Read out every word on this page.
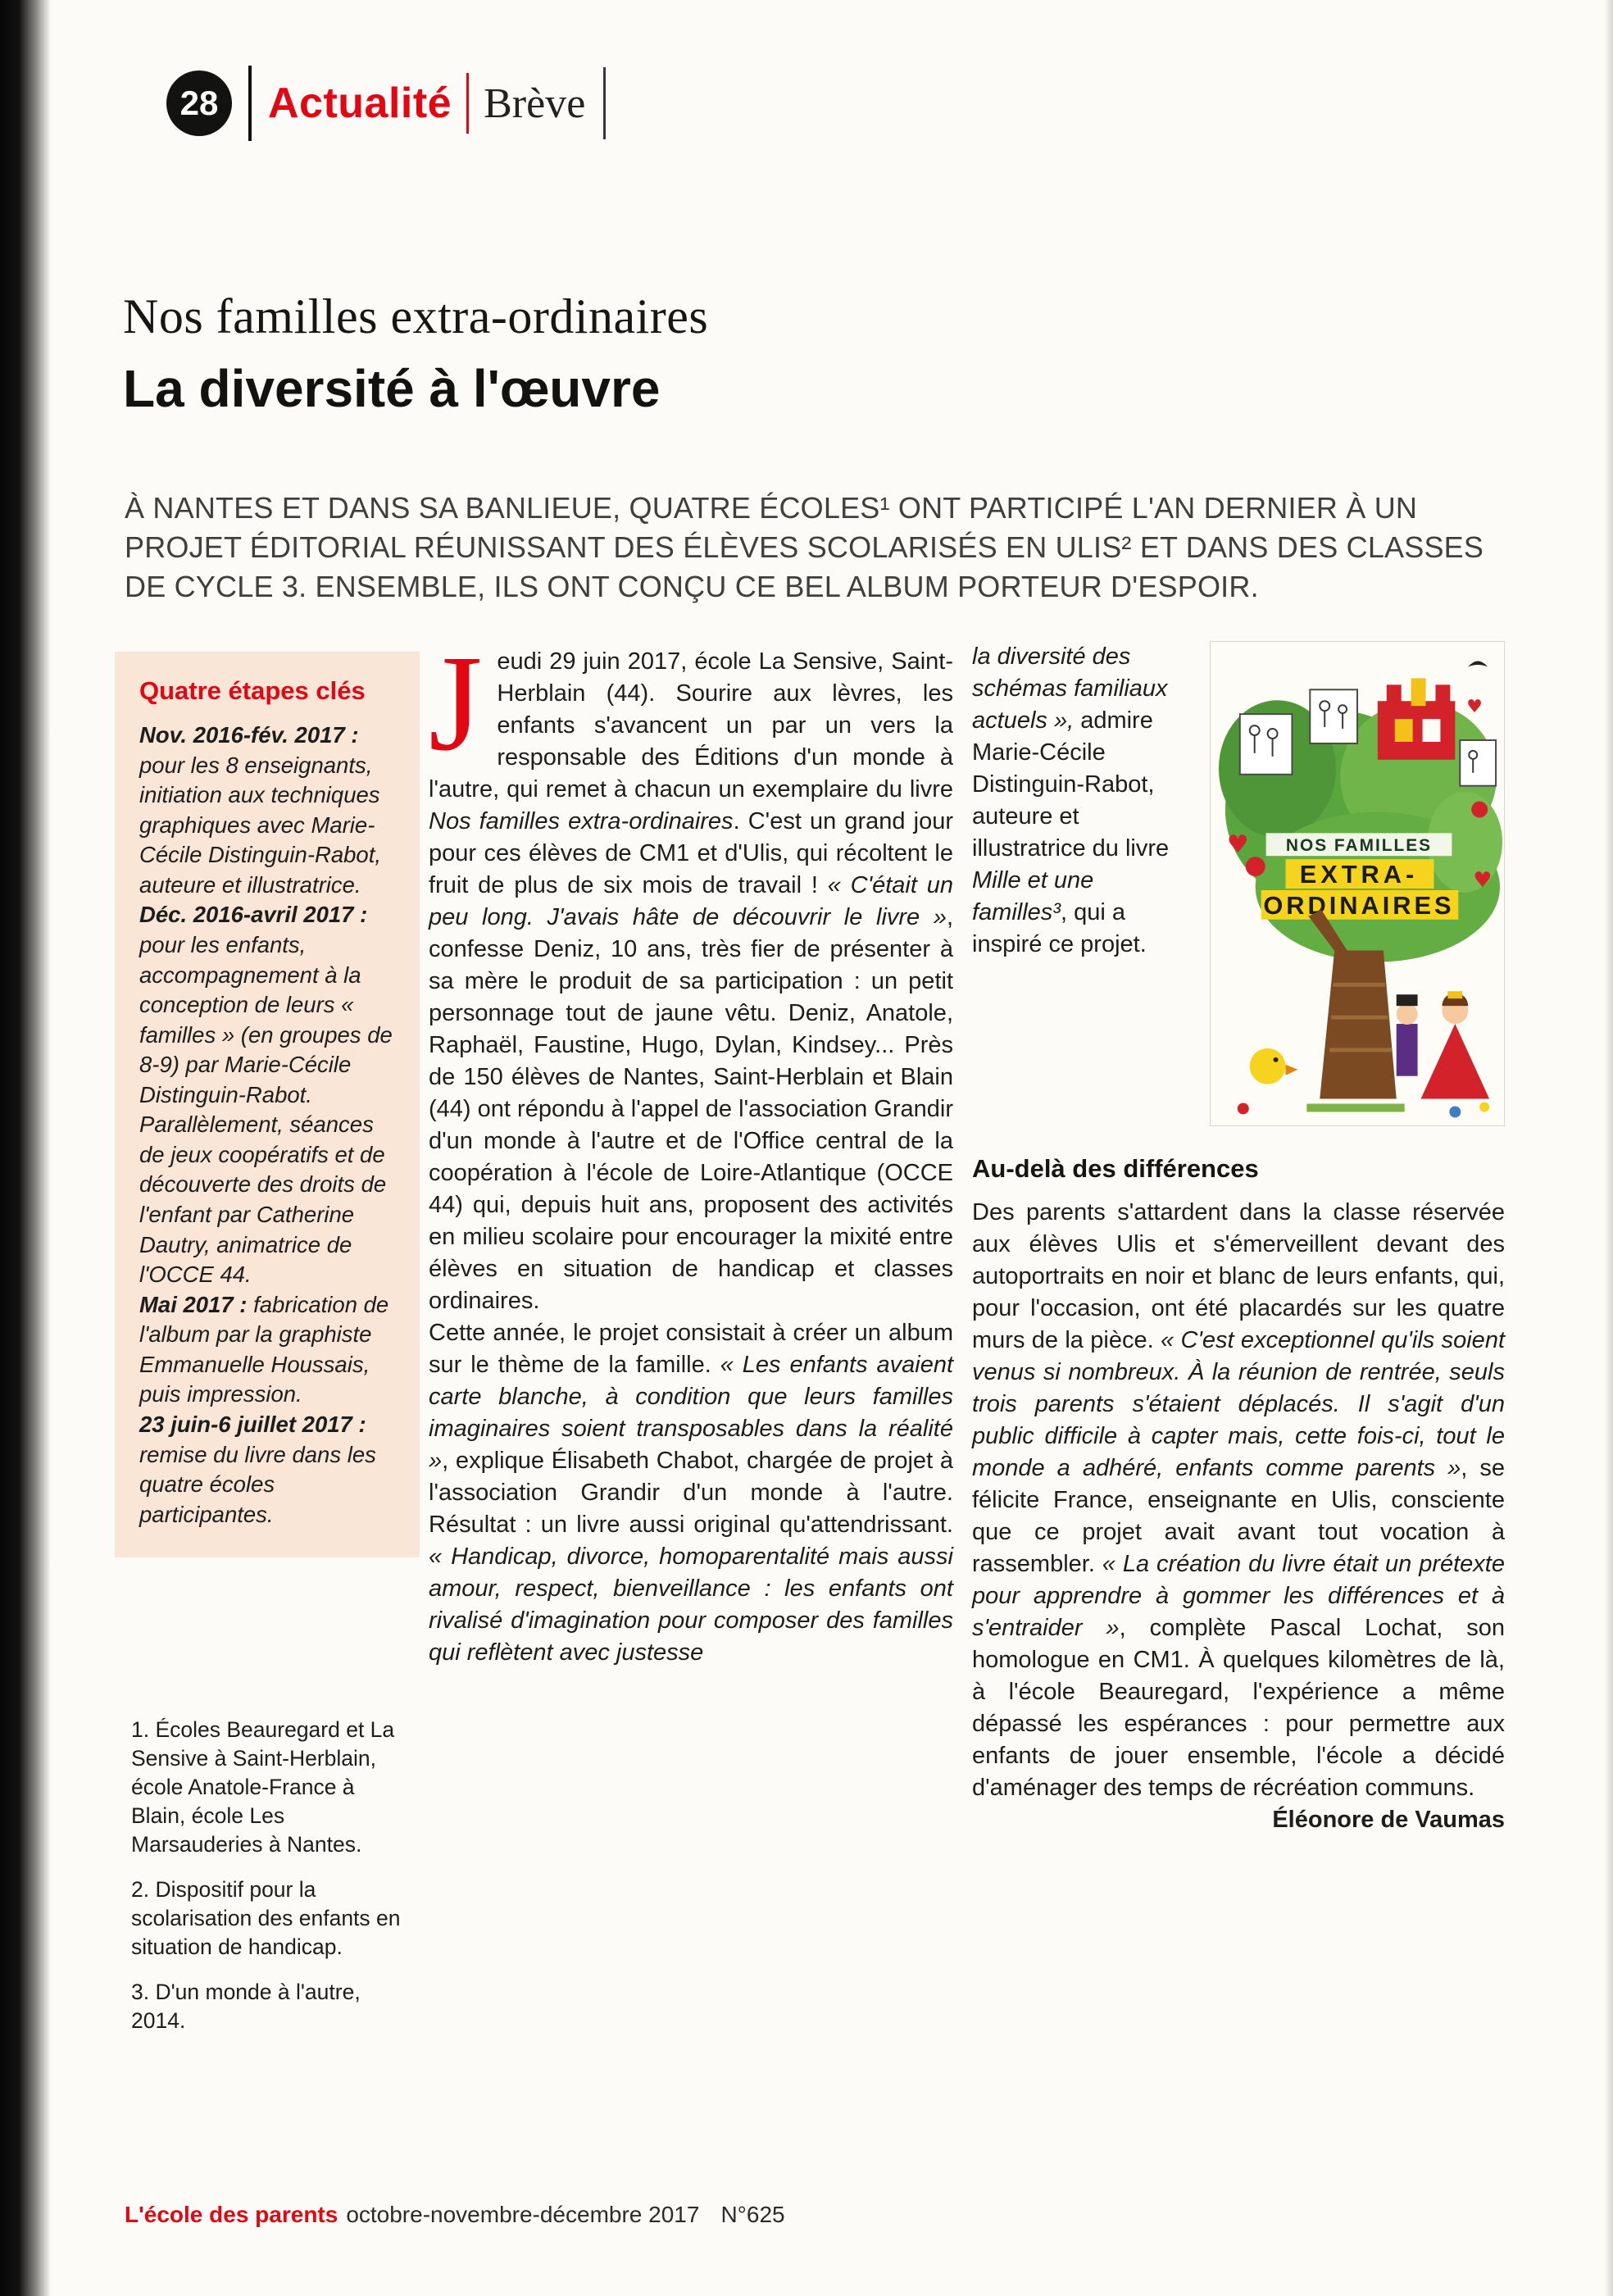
28	Actualité Brève
Nos familles extra-ordinaires
La diversité à l'œuvre
À NANTES ET DANS SA BANLIEUE, QUATRE ÉCOLES¹ ONT PARTICIPÉ L'AN DERNIER À UN PROJET ÉDITORIAL RÉUNISSANT DES ÉLÈVES SCOLARISÉS EN ULIS² ET DANS DES CLASSES DE CYCLE 3. ENSEMBLE, ILS ONT CONÇU CE BEL ALBUM PORTEUR D'ESPOIR.
Quatre étapes clés

Nov. 2016-fév. 2017 : pour les 8 enseignants, initiation aux techniques graphiques avec Marie-Cécile Distinguin-Rabot, auteure et illustratrice.

Déc. 2016-avril 2017 : pour les enfants, accompagnement à la conception de leurs « familles » (en groupes de 8-9) par Marie-Cécile Distinguin-Rabot. Parallèlement, séances de jeux coopératifs et de découverte des droits de l'enfant par Catherine Dautry, animatrice de l'OCCE 44.

Mai 2017 : fabrication de l'album par la graphiste Emmanuelle Houssais, puis impression.

23 juin-6 juillet 2017 : remise du livre dans les quatre écoles participantes.

1. Écoles Beauregard et La Sensive à Saint-Herblain, école Anatole-France à Blain, école Les Marsauderies à Nantes.

2. Dispositif pour la scolarisation des enfants en situation de handicap.

3. D'un monde à l'autre, 2014.

Jeudi 29 juin 2017, école La Sensive, Saint-Herblain (44). Sourire aux lèvres, les enfants s'avancent un par un vers la responsable des Éditions d'un monde à l'autre, qui remet à chacun un exemplaire du livre Nos familles extra-ordinaires. C'est un grand jour pour ces élèves de CM1 et d'Ulis, qui récoltent le fruit de plus de six mois de travail ! « C'était un peu long. J'avais hâte de découvrir le livre », confesse Deniz, 10 ans, très fier de présenter à sa mère le produit de sa participation : un petit personnage tout de jaune vêtu. Deniz, Anatole, Raphaël, Faustine, Hugo, Dylan, Kindsey... Près de 150 élèves de Nantes, Saint-Herblain et Blain (44) ont répondu à l'appel de l'association Grandir d'un monde à l'autre et de l'Office central de la coopération à l'école de Loire-Atlantique (OCCE 44) qui, depuis huit ans, proposent des activités en milieu scolaire pour encourager la mixité entre élèves en situation de handicap et classes ordinaires.

Cette année, le projet consistait à créer un album sur le thème de la famille. « Les enfants avaient carte blanche, à condition que leurs familles imaginaires soient transposables dans la réalité », explique Élisabeth Chabot, chargée de projet à l'association Grandir d'un monde à l'autre. Résultat : un livre aussi original qu'attendrissant. « Handicap, divorce, homoparentalité mais aussi amour, respect, bienveillance : les enfants ont rivalisé d'imagination pour composer des familles qui reflètent avec justesse

la diversité des schémas familiaux actuels », admire Marie-Cécile Distinguin-Rabot, auteure et illustratrice du livre Mille et une familles³, qui a inspiré ce projet.
♥
♥
♥
NOS FAMILLES
EXTRA-
ORDINAIRES
Au-delà des différences

Des parents s'attardent dans la classe réservée aux élèves Ulis et s'émerveillent devant des autoportraits en noir et blanc de leurs enfants, qui, pour l'occasion, ont été placardés sur les quatre murs de la pièce. « C'est exceptionnel qu'ils soient venus si nombreux. À la réunion de rentrée, seuls trois parents s'étaient déplacés. Il s'agit d'un public difficile à capter mais, cette fois-ci, tout le monde a adhéré, enfants comme parents », se félicite France, enseignante en Ulis, consciente que ce projet avait avant tout vocation à rassembler. « La création du livre était un prétexte pour apprendre à gommer les différences et à s'entraider », complète Pascal Lochat, son homologue en CM1. À quelques kilomètres de là, à l'école Beauregard, l'expérience a même dépassé les espérances : pour permettre aux enfants de jouer ensemble, l'école a décidé d'aménager des temps de récréation communs.
Éléonore de Vaumas

L'école des parents octobre-novembre-décembre 2017 N°625
